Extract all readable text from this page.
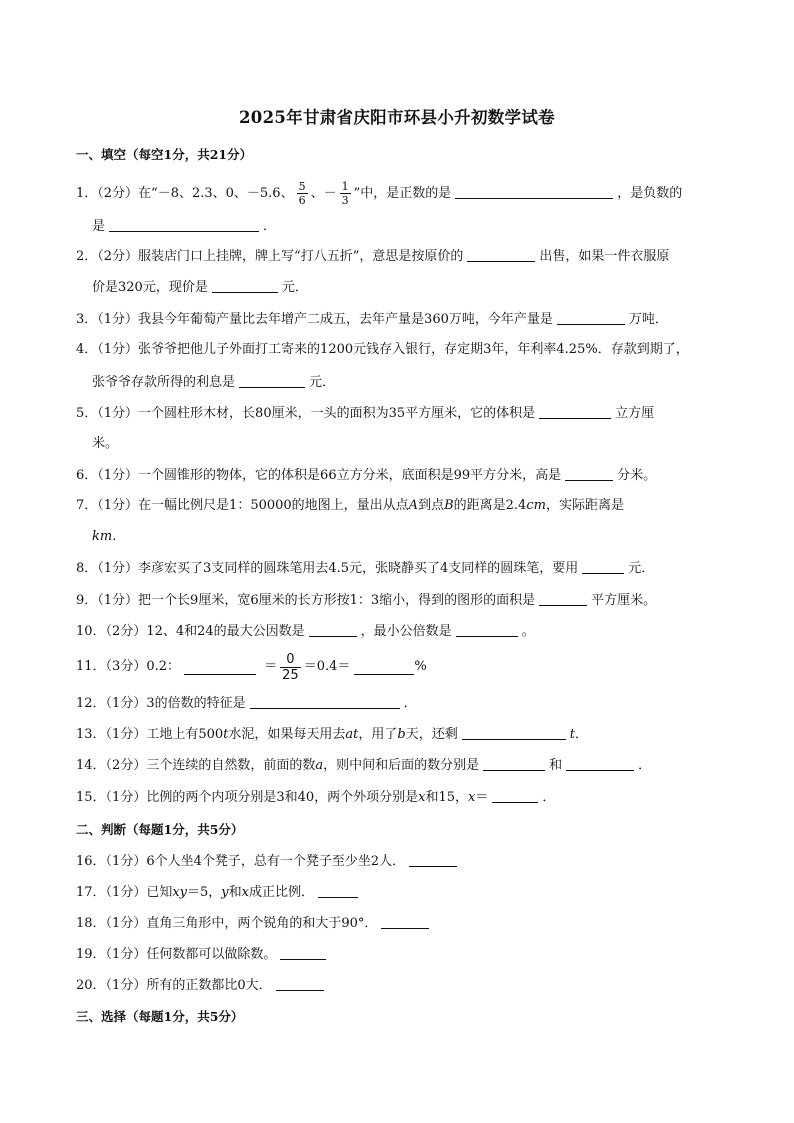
2025年甘肃省庆阳市环县小升初数学试卷
一、填空（每空1分，共21分）
1．（2分）在“－8、2.3、0、－5.6、 $\frac{5}{6}$ 、－ $\frac{1}{3}$ ”中，是正数的是	，是负数的
是	．
2．（2分）服装店门口上挂牌，牌上写“打八五折”，意思是按原价的	出售，如果一件衣服原
价是320元，现价是	元．
3．（1分）我县今年葡萄产量比去年增产二成五，去年产量是360万吨，今年产量是	万吨．
4．（1分）张爷爷把他儿子外面打工寄来的1200元钱存入银行，存定期3年，年利率4.25%．存款到期了，
张爷爷存款所得的利息是	元．
5．（1分）一个圆柱形木材，长80厘米，一头的面积为35平方厘米，它的体积是	立方厘
米。
6．（1分）一个圆锥形的物体，它的体积是66立方分米，底面积是99平方分米，高是	分米。
7．（1分）在一幅比例尺是1：50000的地图上，量出从点A到点B的距离是2.4cm，实际距离是
km.
8．（1分）李彦宏买了3支同样的圆珠笔用去4.5元，张晓静买了4支同样的圆珠笔，要用	元．
9．（1分）把一个长9厘米，宽6厘米的长方形按1：3缩小，得到的图形的面积是	平方厘米。
10．（2分）12、4和24的最大公因数是	，最小公倍数是	。
11．（3分）0.2：
	＝ $\frac{0}{25} =0.4=$	%
12．（1分）3的倍数的特征是	．
13．（1分）工地上有500t水泥，如果每天用去at，用了b天，还剩	t．
14．（2分）三个连续的自然数，前面的数a，则中间和后面的数分别是	和	．
15．（1分）比例的两个内项分别是3和40，两个外项分别是x和15，x＝	．
二、判断（每题1分，共5分）
16．（1分）6个人坐4个凳子，总有一个凳子至少坐2人．
17．（1分）已知xy＝5，y和x成正比例．
18．（1分）直角三角形中，两个锐角的和大于90°．
19．（1分）任何数都可以做除数。
20．（1分）所有的正数都比0大．
三、选择（每题1分，共5分）
